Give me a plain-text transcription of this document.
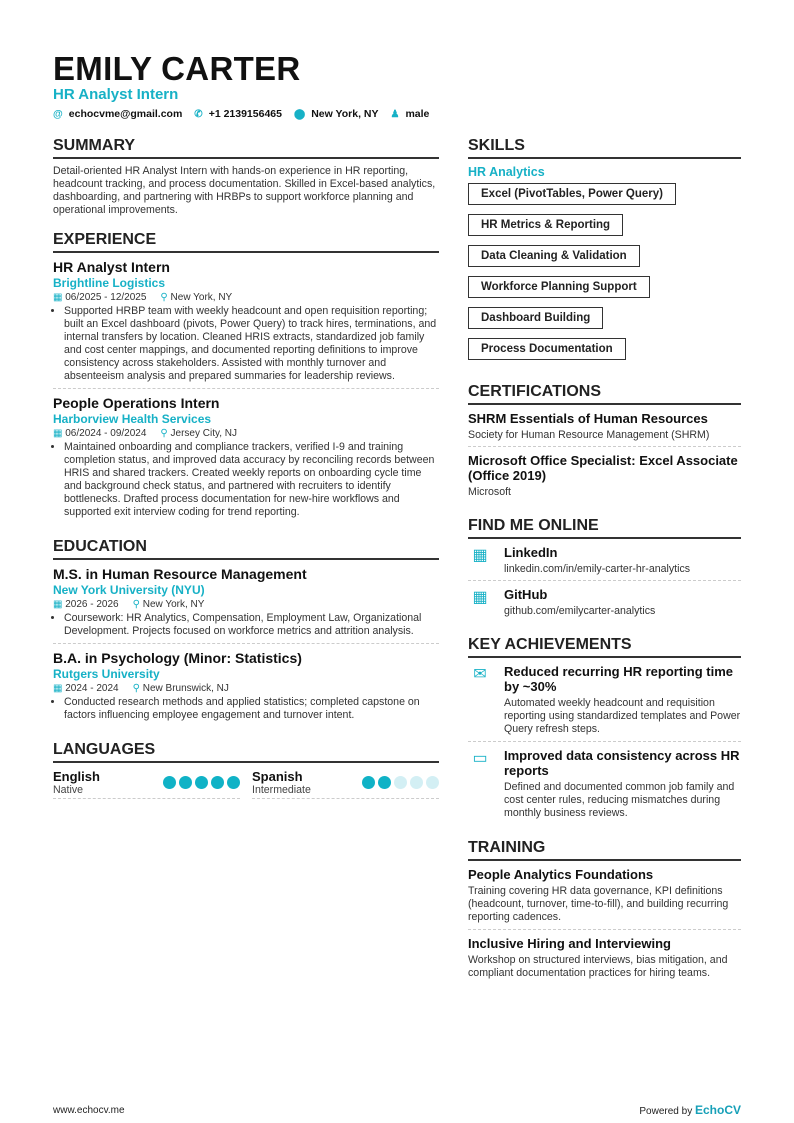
EMILY CARTER
HR Analyst Intern
@ echocvme@gmail.com ✆ +1 2139156465 ⬤ New York, NY ♟ male
SUMMARY

Detail-oriented HR Analyst Intern with hands-on experience in HR reporting, headcount tracking, and process documentation. Skilled in Excel-based analytics, dashboarding, and partnering with HRBPs to support workforce planning and operational improvements.

EXPERIENCE
HR Analyst Intern
Brightline Logistics
▦ 06/2025 - 12/2025 ⚲ New York, NY
• Supported HRBP team with weekly headcount and open requisition reporting; built an Excel dashboard (pivots, Power Query) to track hires, terminations, and internal transfers by location. Cleaned HRIS extracts, standardized job family and cost center mappings, and documented reporting definitions to improve consistency across stakeholders. Assisted with monthly turnover and absenteeism analysis and prepared summaries for leadership reviews.
People Operations Intern
Harborview Health Services
▦ 06/2024 - 09/2024 ⚲ Jersey City, NJ
• Maintained onboarding and compliance trackers, verified I-9 and training completion status, and improved data accuracy by reconciling records between HRIS and shared trackers. Created weekly reports on onboarding cycle time and background check status, and partnered with recruiters to identify bottlenecks. Drafted process documentation for new-hire workflows and supported exit interview coding for trend reporting.
EDUCATION
M.S. in Human Resource Management
New York University (NYU)
▦ 2026 - 2026 ⚲ New York, NY
• Coursework: HR Analytics, Compensation, Employment Law, Organizational Development. Projects focused on workforce metrics and attrition analysis.
B.A. in Psychology (Minor: Statistics)
Rutgers University
▦ 2024 - 2024 ⚲ New Brunswick, NJ
• Conducted research methods and applied statistics; completed capstone on factors influencing employee engagement and turnover intent.
LANGUAGES
English
Native
Spanish
Intermediate
SKILLS
HR Analytics
Excel (PivotTables, Power Query)
HR Metrics & Reporting
Data Cleaning & Validation
Workforce Planning Support
Dashboard Building
Process Documentation
CERTIFICATIONS
SHRM Essentials of Human Resources
Society for Human Resource Management (SHRM)
Microsoft Office Specialist: Excel Associate (Office 2019)
Microsoft
FIND ME ONLINE
▦	LinkedIn
linkedin.com/in/emily-carter-hr-analytics
▦	GitHub
github.com/emilycarter-analytics
KEY ACHIEVEMENTS
✉	Reduced recurring HR reporting time by ~30%
Automated weekly headcount and requisition reporting using standardized templates and Power Query refresh steps.
▭	Improved data consistency across HR reports
Defined and documented common job family and cost center rules, reducing mismatches during monthly business reviews.
TRAINING
People Analytics Foundations
Training covering HR data governance, KPI definitions (headcount, turnover, time-to-fill), and building recurring reporting cadences.
Inclusive Hiring and Interviewing
Workshop on structured interviews, bias mitigation, and compliant documentation practices for hiring teams.
www.echocv.me	Powered by EchoCV
